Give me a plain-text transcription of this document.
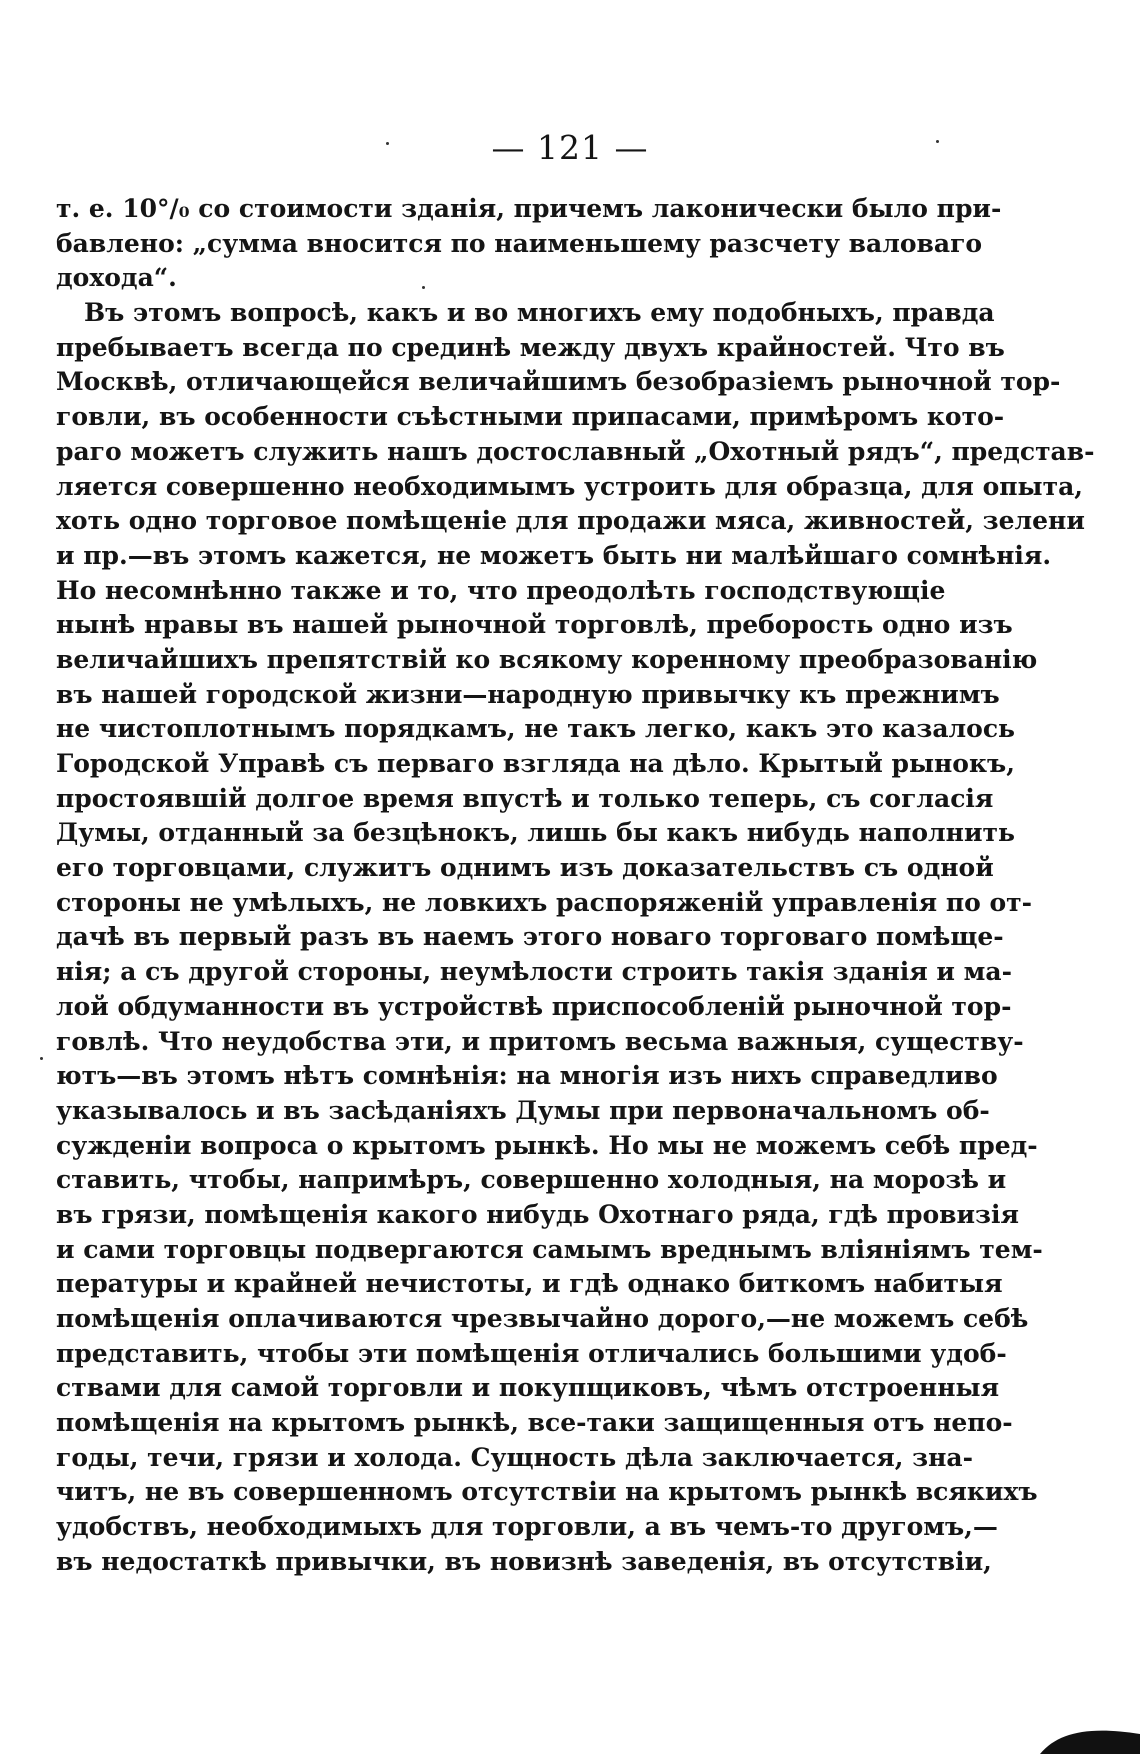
— 121 —
т. е. 10°/₀ со стоимости зданія, причемъ лаконически было при-
бавлено: „сумма вносится по наименьшему разсчету валоваго
дохода“.
Въ этомъ вопросѣ, какъ и во многихъ ему подобныхъ, правда
пребываетъ всегда по срединѣ между двухъ крайностей. Что въ
Москвѣ, отличающейся величайшимъ безобразіемъ рыночной тор-
говли, въ особенности съѣстными припасами, примѣромъ кото-
раго можетъ служить нашъ достославный „Охотный рядъ“, представ-
ляется совершенно необходимымъ устроить для образца, для опыта,
хоть одно торговое помѣщеніе для продажи мяса, живностей, зелени
и пр.—въ этомъ кажется, не можетъ быть ни малѣйшаго сомнѣнія.
Но несомнѣнно также и то, что преодолѣть господствующіе
нынѣ нравы въ нашей рыночной торговлѣ, преборость одно изъ
величайшихъ препятствій ко всякому коренному преобразованію
въ нашей городской жизни—народную привычку къ прежнимъ
не чистоплотнымъ порядкамъ, не такъ легко, какъ это казалось
Городской Управѣ съ перваго взгляда на дѣло. Крытый рынокъ,
простоявшій долгое время впустѣ и только теперь, съ согласія
Думы, отданный за безцѣнокъ, лишь бы какъ нибудь наполнить
его торговцами, служитъ однимъ изъ доказательствъ съ одной
стороны не умѣлыхъ, не ловкихъ распоряженій управленія по от-
дачѣ въ первый разъ въ наемъ этого новаго торговаго помѣще-
нія; а съ другой стороны, неумѣлости строить такія зданія и ма-
лой обдуманности въ устройствѣ приспособленій рыночной тор-
говлѣ. Что неудобства эти, и притомъ весьма важныя, существу-
ютъ—въ этомъ нѣтъ сомнѣнія: на многія изъ нихъ справедливо
указывалось и въ засѣданіяхъ Думы при первоначальномъ об-
сужденіи вопроса о крытомъ рынкѣ. Но мы не можемъ себѣ пред-
ставить, чтобы, напримѣръ, совершенно холодныя, на морозѣ и
въ грязи, помѣщенія какого нибудь Охотнаго ряда, гдѣ провизія
и сами торговцы подвергаются самымъ вреднымъ вліяніямъ тем-
пературы и крайней нечистоты, и гдѣ однако биткомъ набитыя
помѣщенія оплачиваются чрезвычайно дорого,—не можемъ себѣ
представить, чтобы эти помѣщенія отличались большими удоб-
ствами для самой торговли и покупщиковъ, чѣмъ отстроенныя
помѣщенія на крытомъ рынкѣ, все-таки защищенныя отъ непо-
годы, течи, грязи и холода. Сущность дѣла заключается, зна-
читъ, не въ совершенномъ отсутствіи на крытомъ рынкѣ всякихъ
удобствъ, необходимыхъ для торговли, а въ чемъ-то другомъ,—
въ недостаткѣ привычки, въ новизнѣ заведенія, въ отсутствіи,
